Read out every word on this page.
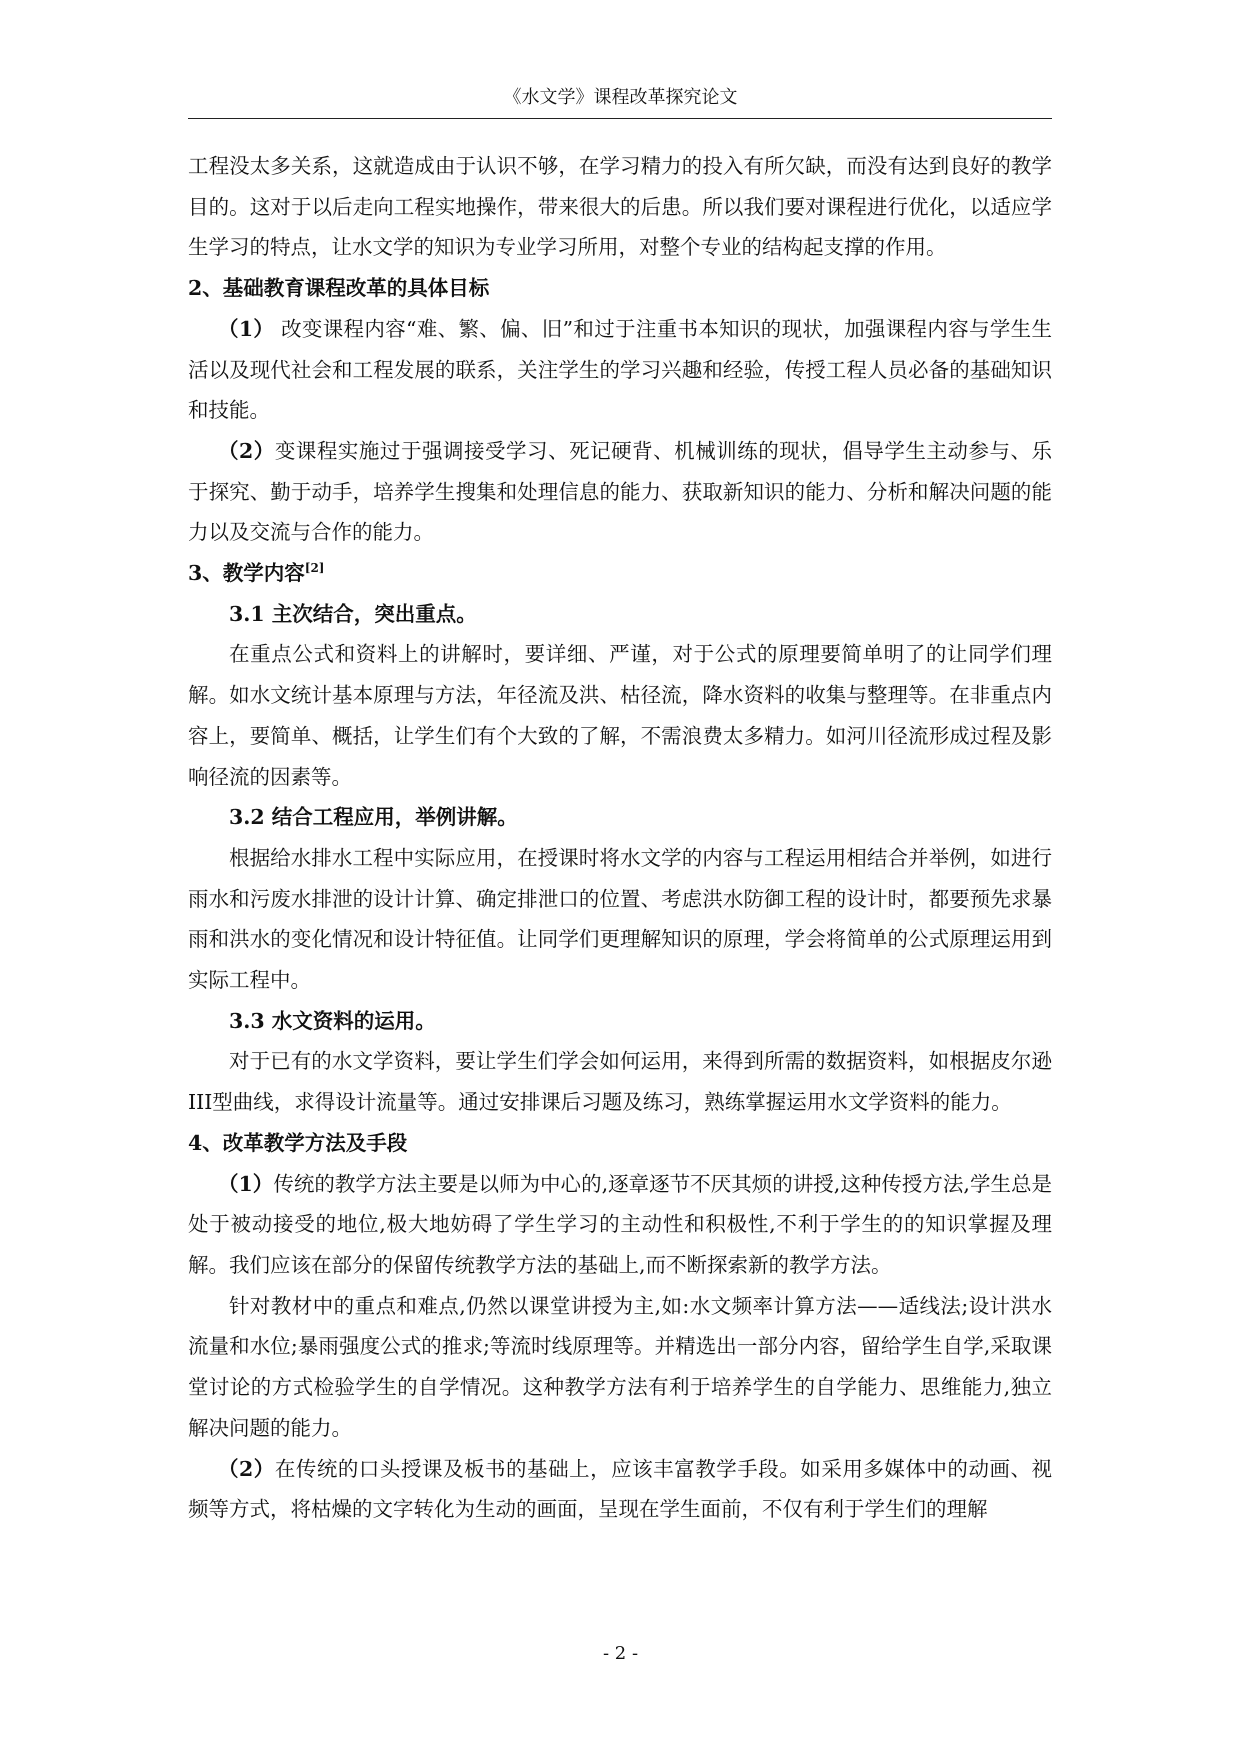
《水文学》课程改革探究论文

工程没太多关系，这就造成由于认识不够，在学习精力的投入有所欠缺，而没有达到良好的教学目的。这对于以后走向工程实地操作，带来很大的后患。所以我们要对课程进行优化，以适应学生学习的特点，让水文学的知识为专业学习所用，对整个专业的结构起支撑的作用。

2、基础教育课程改革的具体目标

（1） 改变课程内容“难、繁、偏、旧”和过于注重书本知识的现状，加强课程内容与学生生活以及现代社会和工程发展的联系，关注学生的学习兴趣和经验，传授工程人员必备的基础知识和技能。

（2）变课程实施过于强调接受学习、死记硬背、机械训练的现状，倡导学生主动参与、乐于探究、勤于动手，培养学生搜集和处理信息的能力、获取新知识的能力、分析和解决问题的能力以及交流与合作的能力。

3、教学内容[2]

3.1 主次结合，突出重点。

在重点公式和资料上的讲解时，要详细、严谨，对于公式的原理要简单明了的让同学们理解。如水文统计基本原理与方法，年径流及洪、枯径流，降水资料的收集与整理等。在非重点内容上，要简单、概括，让学生们有个大致的了解，不需浪费太多精力。如河川径流形成过程及影响径流的因素等。

3.2 结合工程应用，举例讲解。

根据给水排水工程中实际应用，在授课时将水文学的内容与工程运用相结合并举例，如进行雨水和污废水排泄的设计计算、确定排泄口的位置、考虑洪水防御工程的设计时，都要预先求暴雨和洪水的变化情况和设计特征值。让同学们更理解知识的原理，学会将简单的公式原理运用到实际工程中。

3.3 水文资料的运用。

对于已有的水文学资料，要让学生们学会如何运用，来得到所需的数据资料，如根据皮尔逊III型曲线，求得设计流量等。通过安排课后习题及练习，熟练掌握运用水文学资料的能力。

4、改革教学方法及手段

（1）传统的教学方法主要是以师为中心的,逐章逐节不厌其烦的讲授,这种传授方法,学生总是处于被动接受的地位,极大地妨碍了学生学习的主动性和积极性,不利于学生的的知识掌握及理解。我们应该在部分的保留传统教学方法的基础上,而不断探索新的教学方法。

针对教材中的重点和难点,仍然以课堂讲授为主,如:水文频率计算方法——适线法;设计洪水流量和水位;暴雨强度公式的推求;等流时线原理等。并精选出一部分内容，留给学生自学,采取课堂讨论的方式检验学生的自学情况。这种教学方法有利于培养学生的自学能力、思维能力,独立解决问题的能力。

（2）在传统的口头授课及板书的基础上，应该丰富教学手段。如采用多媒体中的动画、视频等方式，将枯燥的文字转化为生动的画面，呈现在学生面前，不仅有利于学生们的理解

- 2 -
